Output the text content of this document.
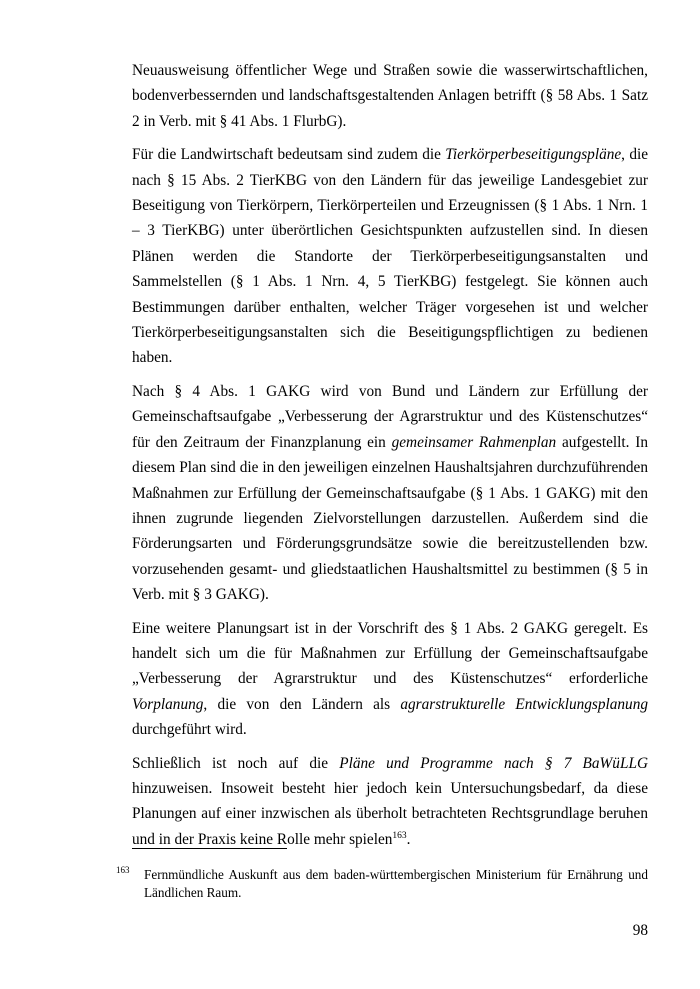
Neuausweisung öffentlicher Wege und Straßen sowie die wasserwirtschaftlichen, bodenverbessernden und landschaftsgestaltenden Anlagen betrifft (§ 58 Abs. 1 Satz 2 in Verb. mit § 41 Abs. 1 FlurbG).

Für die Landwirtschaft bedeutsam sind zudem die Tierkörperbeseitigungspläne, die nach § 15 Abs. 2 TierKBG von den Ländern für das jeweilige Landesgebiet zur Beseitigung von Tierkörpern, Tierkörperteilen und Erzeugnissen (§ 1 Abs. 1 Nrn. 1 – 3 TierKBG) unter überörtlichen Gesichtspunkten aufzustellen sind. In diesen Plänen werden die Standorte der Tierkörperbeseitigungsanstalten und Sammelstellen (§ 1 Abs. 1 Nrn. 4, 5 TierKBG) festgelegt. Sie können auch Bestimmungen darüber enthalten, welcher Träger vorgesehen ist und welcher Tierkörperbeseitigungsanstalten sich die Beseitigungspflichtigen zu bedienen haben.

Nach § 4 Abs. 1 GAKG wird von Bund und Ländern zur Erfüllung der Gemeinschaftsaufgabe „Verbesserung der Agrarstruktur und des Küstenschutzes“ für den Zeitraum der Finanzplanung ein gemeinsamer Rahmenplan aufgestellt. In diesem Plan sind die in den jeweiligen einzelnen Haushaltsjahren durchzuführenden Maßnahmen zur Erfüllung der Gemeinschaftsaufgabe (§ 1 Abs. 1 GAKG) mit den ihnen zugrunde liegenden Zielvorstellungen darzustellen. Außerdem sind die Förderungsarten und Förderungsgrundsätze sowie die bereitzustellenden bzw. vorzusehenden gesamt- und gliedstaatlichen Haushaltsmittel zu bestimmen (§ 5 in Verb. mit § 3 GAKG).

Eine weitere Planungsart ist in der Vorschrift des § 1 Abs. 2 GAKG geregelt. Es handelt sich um die für Maßnahmen zur Erfüllung der Gemeinschaftsaufgabe „Verbesserung der Agrarstruktur und des Küstenschutzes“ erforderliche Vorplanung, die von den Ländern als agrarstrukturelle Entwicklungsplanung durchgeführt wird.

Schließlich ist noch auf die Pläne und Programme nach § 7 BaWüLLG hinzuweisen. Insoweit besteht hier jedoch kein Untersuchungsbedarf, da diese Planungen auf einer inzwischen als überholt betrachteten Rechtsgrundlage beruhen und in der Praxis keine Rolle mehr spielen$^{163}$.

163 Fernmündliche Auskunft aus dem baden-württembergischen Ministerium für Ernährung und Ländlichen Raum.
98
